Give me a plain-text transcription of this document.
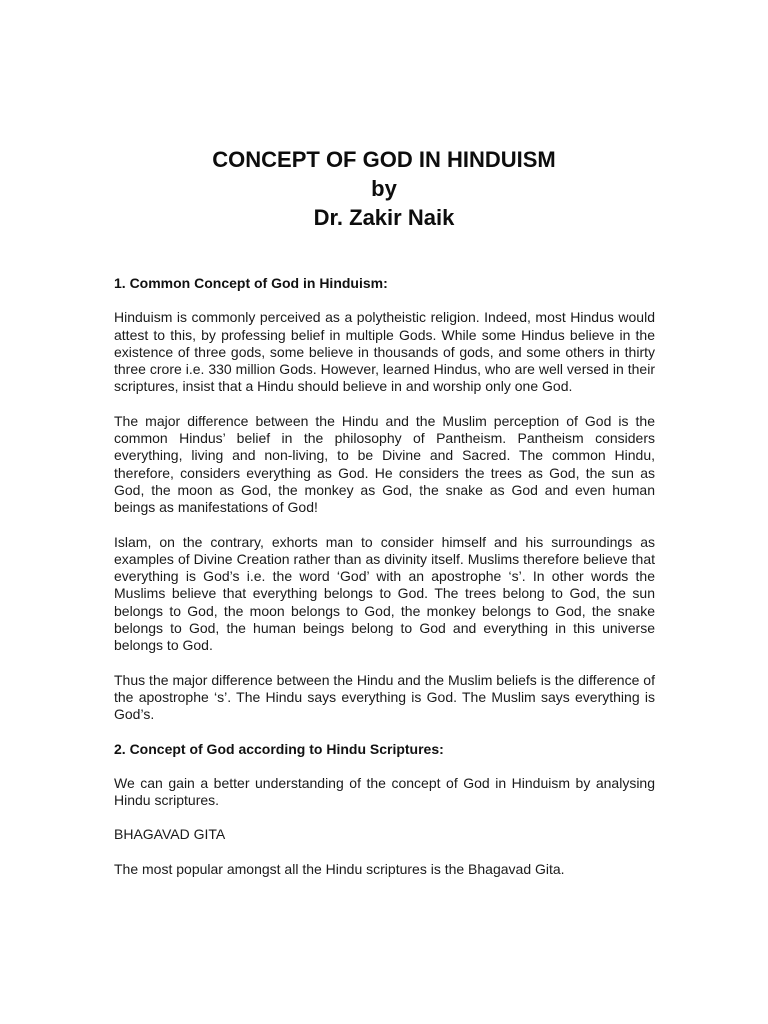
CONCEPT OF GOD IN HINDUISM
by
Dr. Zakir Naik

1. Common Concept of God in Hinduism:

Hinduism is commonly perceived as a polytheistic religion. Indeed, most Hindus would attest to this, by professing belief in multiple Gods. While some Hindus believe in the existence of three gods, some believe in thousands of gods, and some others in thirty three crore i.e. 330 million Gods. However, learned Hindus, who are well versed in their scriptures, insist that a Hindu should believe in and worship only one God.

The major difference between the Hindu and the Muslim perception of God is the common Hindus’ belief in the philosophy of Pantheism. Pantheism considers everything, living and non-living, to be Divine and Sacred. The common Hindu, therefore, considers everything as God. He considers the trees as God, the sun as God, the moon as God, the monkey as God, the snake as God and even human beings as manifestations of God!

Islam, on the contrary, exhorts man to consider himself and his surroundings as examples of Divine Creation rather than as divinity itself. Muslims therefore believe that everything is God’s i.e. the word ‘God’ with an apostrophe ‘s’. In other words the Muslims believe that everything belongs to God. The trees belong to God, the sun belongs to God, the moon belongs to God, the monkey belongs to God, the snake belongs to God, the human beings belong to God and everything in this universe belongs to God.

Thus the major difference between the Hindu and the Muslim beliefs is the difference of the apostrophe ‘s’. The Hindu says everything is God. The Muslim says everything is God’s.

2. Concept of God according to Hindu Scriptures:

We can gain a better understanding of the concept of God in Hinduism by analysing Hindu scriptures.

BHAGAVAD GITA

The most popular amongst all the Hindu scriptures is the Bhagavad Gita.
